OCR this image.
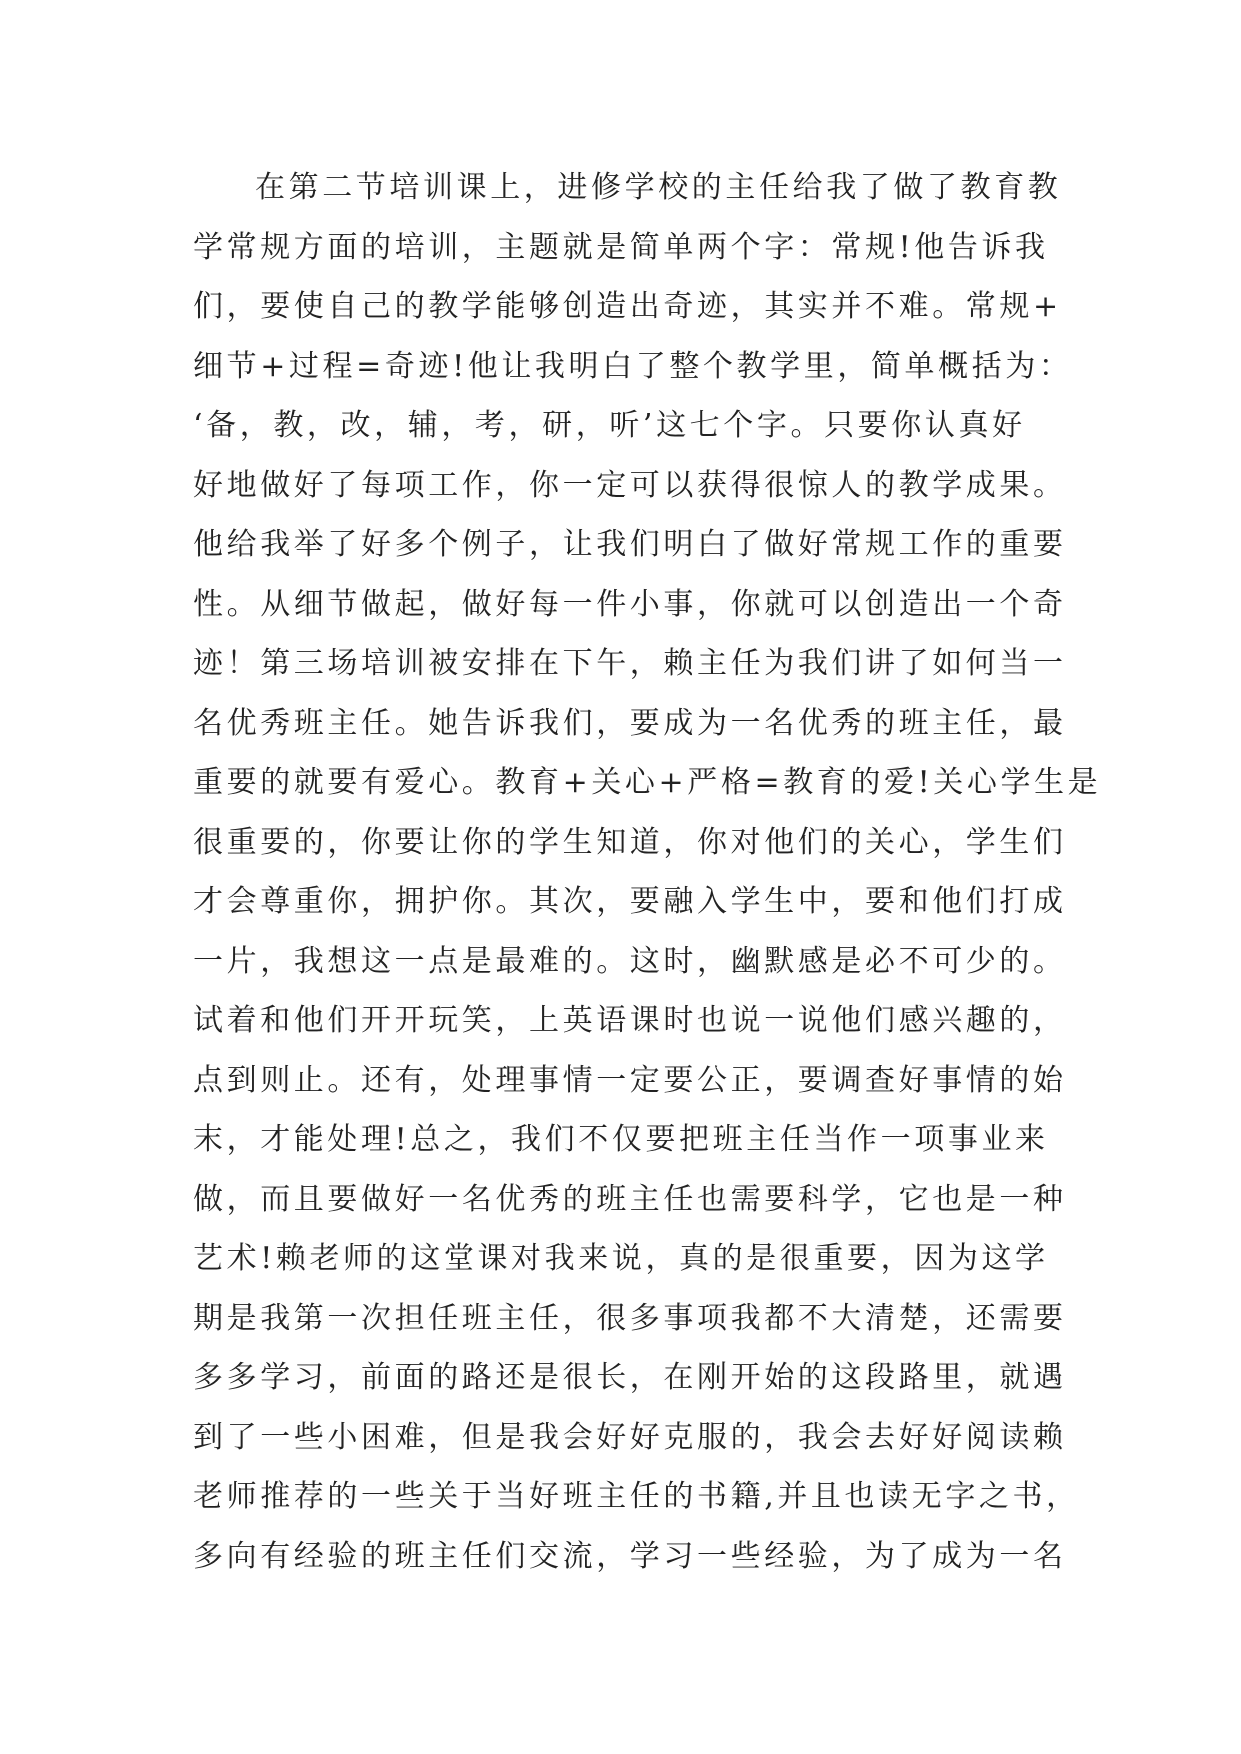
在第二节培训课上，进修学校的主任给我了做了教育教
学常规方面的培训，主题就是简单两个字：常规!他告诉我
们，要使自己的教学能够创造出奇迹，其实并不难。常规+
细节+过程=奇迹!他让我明白了整个教学里，简单概括为：
‘备，教，改，辅，考，研，听’这七个字。只要你认真好
好地做好了每项工作，你一定可以获得很惊人的教学成果。
他给我举了好多个例子，让我们明白了做好常规工作的重要
性。从细节做起，做好每一件小事，你就可以创造出一个奇
迹！第三场培训被安排在下午，赖主任为我们讲了如何当一
名优秀班主任。她告诉我们，要成为一名优秀的班主任，最
重要的就要有爱心。教育+关心+严格=教育的爱!关心学生是
很重要的，你要让你的学生知道，你对他们的关心，学生们
才会尊重你，拥护你。其次，要融入学生中，要和他们打成
一片，我想这一点是最难的。这时，幽默感是必不可少的。
试着和他们开开玩笑，上英语课时也说一说他们感兴趣的，
点到则止。还有，处理事情一定要公正，要调查好事情的始
末，才能处理!总之，我们不仅要把班主任当作一项事业来
做，而且要做好一名优秀的班主任也需要科学，它也是一种
艺术!赖老师的这堂课对我来说，真的是很重要，因为这学
期是我第一次担任班主任，很多事项我都不大清楚，还需要
多多学习，前面的路还是很长，在刚开始的这段路里，就遇
到了一些小困难，但是我会好好克服的，我会去好好阅读赖
老师推荐的一些关于当好班主任的书籍,并且也读无字之书，
多向有经验的班主任们交流，学习一些经验，为了成为一名
